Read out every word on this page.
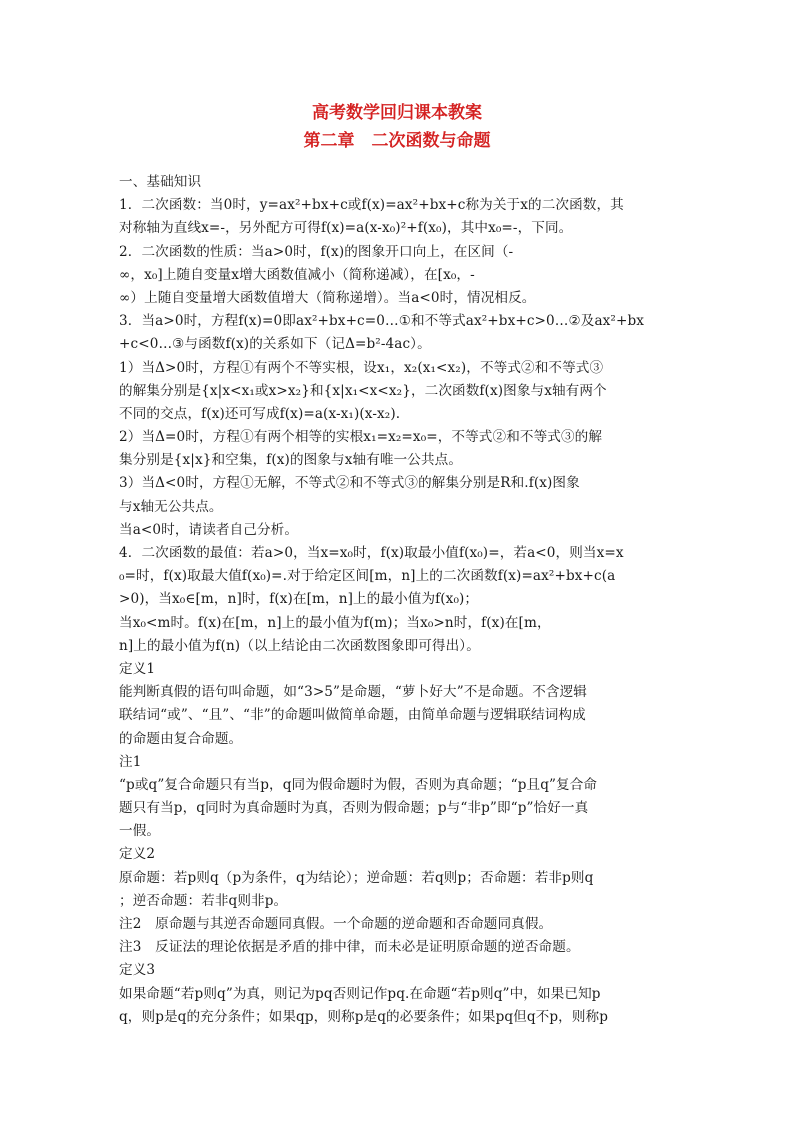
高考数学回归课本教案

第二章　二次函数与命题

一、基础知识
1．二次函数：当0时，y=ax²+bx+c或f(x)=ax²+bx+c称为关于x的二次函数，其
对称轴为直线x=-，另外配方可得f(x)=a(x-x₀)²+f(x₀)，其中x₀=-，下同。
2．二次函数的性质：当a>0时，f(x)的图象开口向上，在区间（-
∞，x₀]上随自变量x增大函数值减小（简称递减），在[x₀，-
∞）上随自变量增大函数值增大（简称递增）。当a<0时，情况相反。
3．当a>0时，方程f(x)=0即ax²+bx+c=0…①和不等式ax²+bx+c>0…②及ax²+bx
+c<0…③与函数f(x)的关系如下（记Δ=b²-4ac）。
1）当Δ>0时，方程①有两个不等实根，设x₁，x₂(x₁<x₂)，不等式②和不等式③
的解集分别是{x|x<x₁或x>x₂}和{x|x₁<x<x₂}，二次函数f(x)图象与x轴有两个
不同的交点，f(x)还可写成f(x)=a(x-x₁)(x-x₂).
2）当Δ=0时，方程①有两个相等的实根x₁=x₂=x₀=，不等式②和不等式③的解
集分别是{x|x}和空集，f(x)的图象与x轴有唯一公共点。
3）当Δ<0时，方程①无解，不等式②和不等式③的解集分别是R和.f(x)图象
与x轴无公共点。
当a<0时，请读者自己分析。
4．二次函数的最值：若a>0，当x=x₀时，f(x)取最小值f(x₀)=，若a<0，则当x=x
₀=时，f(x)取最大值f(x₀)=.对于给定区间[m，n]上的二次函数f(x)=ax²+bx+c(a
>0)，当x₀∈[m，n]时，f(x)在[m，n]上的最小值为f(x₀)；
当x₀<m时。f(x)在[m，n]上的最小值为f(m)；当x₀>n时，f(x)在[m，
n]上的最小值为f(n)（以上结论由二次函数图象即可得出）。
定义1
能判断真假的语句叫命题，如“3>5”是命题，“萝卜好大”不是命题。不含逻辑
联结词“或”、“且”、“非”的命题叫做简单命题，由简单命题与逻辑联结词构成
的命题由复合命题。
注1
“p或q”复合命题只有当p，q同为假命题时为假，否则为真命题；“p且q”复合命
题只有当p，q同时为真命题时为真，否则为假命题；p与“非p”即“p”恰好一真
一假。
定义2
原命题：若p则q（p为条件，q为结论）；逆命题：若q则p；否命题：若非p则q
；逆否命题：若非q则非p。
注2　原命题与其逆否命题同真假。一个命题的逆命题和否命题同真假。
注3　反证法的理论依据是矛盾的排中律，而未必是证明原命题的逆否命题。
定义3
如果命题“若p则q”为真，则记为pq否则记作pq.在命题“若p则q”中，如果已知p
q，则p是q的充分条件；如果qp，则称p是q的必要条件；如果pq但q不p，则称p
